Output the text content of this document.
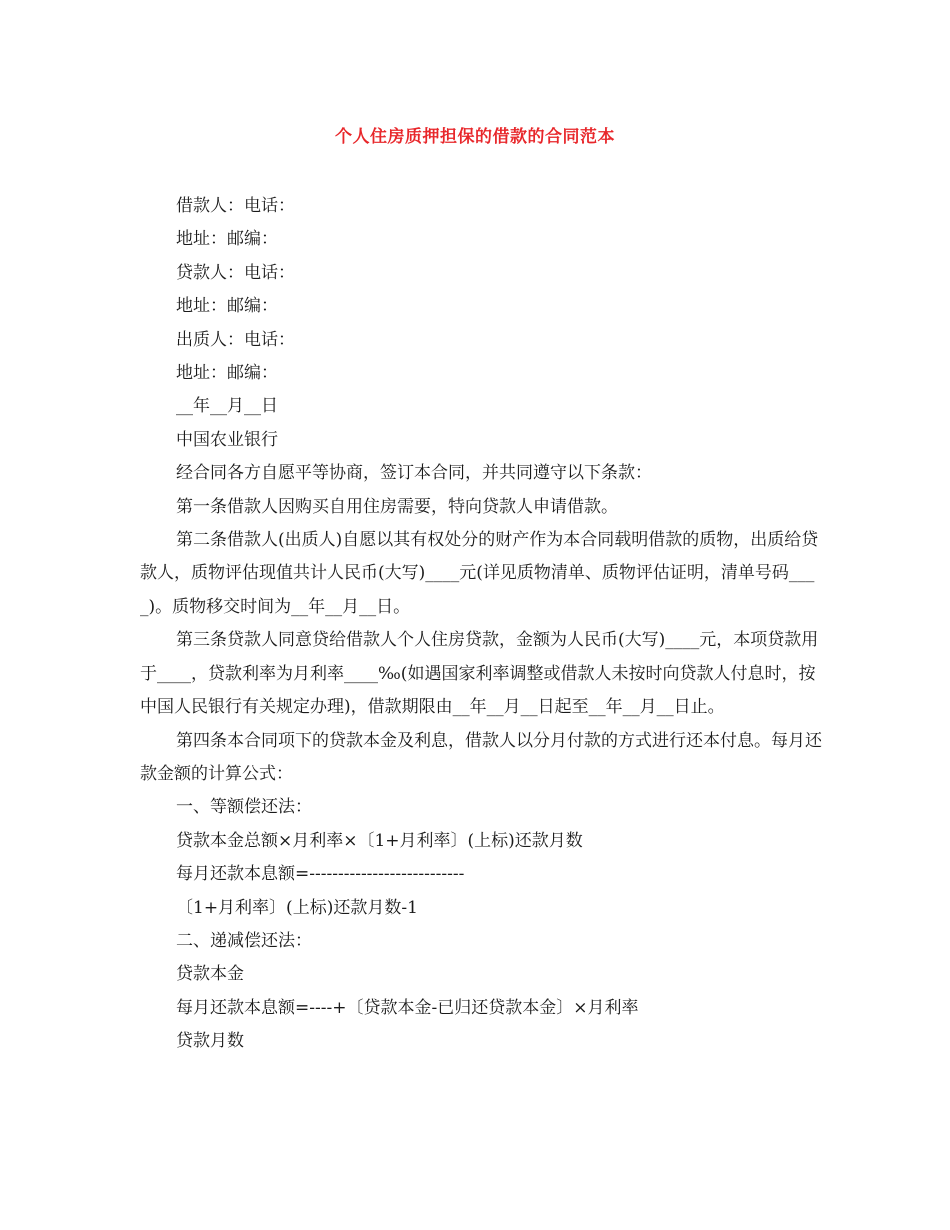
个人住房质押担保的借款的合同范本

借款人：电话：

地址：邮编：

贷款人：电话：

地址：邮编：

出质人：电话：

地址：邮编：

__年__月__日

中国农业银行

经合同各方自愿平等协商，签订本合同，并共同遵守以下条款：

第一条借款人因购买自用住房需要，特向贷款人申请借款。

第二条借款人(出质人)自愿以其有权处分的财产作为本合同载明借款的质物，出质给贷款人，质物评估现值共计人民币(大写)____元(详见质物清单、质物评估证明，清单号码____)。质物移交时间为__年__月__日。

第三条贷款人同意贷给借款人个人住房贷款，金额为人民币(大写)____元，本项贷款用于____，贷款利率为月利率____‰(如遇国家利率调整或借款人未按时向贷款人付息时，按中国人民银行有关规定办理)，借款期限由__年__月__日起至__年__月__日止。

第四条本合同项下的贷款本金及利息，借款人以分月付款的方式进行还本付息。每月还款金额的计算公式：

一、等额偿还法：

贷款本金总额×月利率×〔1+月利率〕(上标)还款月数

每月还款本息额=---------------------------

〔1+月利率〕(上标)还款月数-1

二、递减偿还法：

贷款本金

每月还款本息额=----+〔贷款本金-已归还贷款本金〕×月利率

贷款月数
